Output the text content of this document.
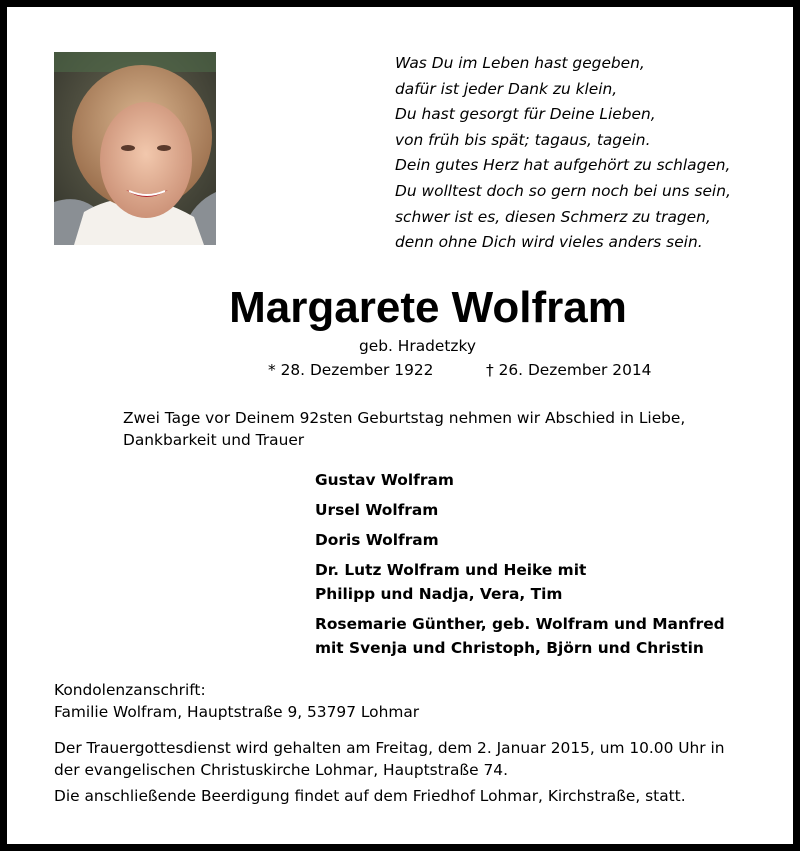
Was Du im Leben hast gegeben,
dafür ist jeder Dank zu klein,
Du hast gesorgt für Deine Lieben,
von früh bis spät; tagaus, tagein.
Dein gutes Herz hat aufgehört zu schlagen,
Du wolltest doch so gern noch bei uns sein,
schwer ist es, diesen Schmerz zu tragen,
denn ohne Dich wird vieles anders sein.
Margarete Wolfram
geb. Hradetzky
* 28. Dezember 1922	† 26. Dezember 2014
Zwei Tage vor Deinem 92sten Geburtstag nehmen wir Abschied in Liebe,
Dankbarkeit und Trauer
Gustav Wolfram
Ursel Wolfram
Doris Wolfram
Dr. Lutz Wolfram und Heike mit
Philipp und Nadja, Vera, Tim
Rosemarie Günther, geb. Wolfram und Manfred
mit Svenja und Christoph, Björn und Christin
Kondolenzanschrift:
Familie Wolfram, Hauptstraße 9, 53797 Lohmar
Der Trauergottesdienst wird gehalten am Freitag, dem 2. Januar 2015, um 10.00 Uhr in
der evangelischen Christuskirche Lohmar, Hauptstraße 74.
Die anschließende Beerdigung findet auf dem Friedhof Lohmar, Kirchstraße, statt.
